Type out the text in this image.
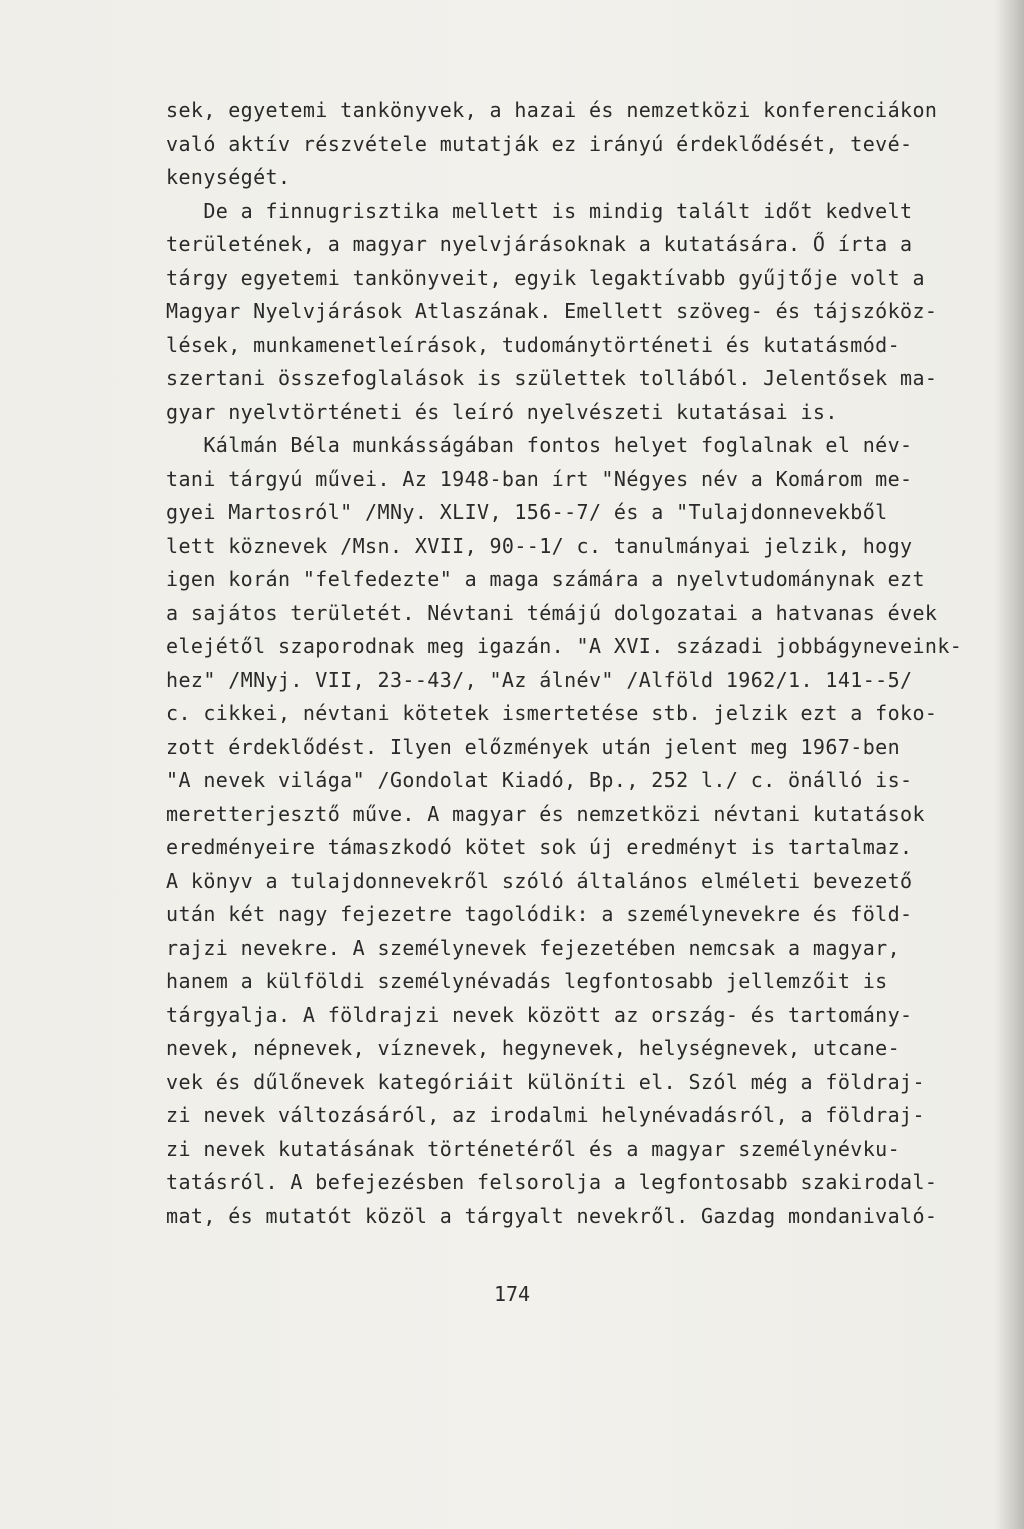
sek, egyetemi tankönyvek, a hazai és nemzetközi konferenciákon
való aktív részvétele mutatják ez irányú érdeklődését, tevé-
kenységét.
De a finnugrisztika mellett is mindig talált időt kedvelt
területének, a magyar nyelvjárásoknak a kutatására. Ő írta a
tárgy egyetemi tankönyveit, egyik legaktívabb gyűjtője volt a
Magyar Nyelvjárások Atlaszának. Emellett szöveg- és tájszóköz-
lések, munkamenetleírások, tudománytörténeti és kutatásmód-
szertani összefoglalások is születtek tollából. Jelentősek ma-
gyar nyelvtörténeti és leíró nyelvészeti kutatásai is.
Kálmán Béla munkásságában fontos helyet foglalnak el név-
tani tárgyú művei. Az 1948-ban írt "Négyes név a Komárom me-
gyei Martosról" /MNy. XLIV, 156--7/ és a "Tulajdonnevekből
lett köznevek /Msn. XVII, 90--1/ c. tanulmányai jelzik, hogy
igen korán "felfedezte" a maga számára a nyelvtudománynak ezt
a sajátos területét. Névtani témájú dolgozatai a hatvanas évek
elejétől szaporodnak meg igazán. "A XVI. századi jobbágyneveink-
hez" /MNyj. VII, 23--43/, "Az álnév" /Alföld 1962/1. 141--5/
c. cikkei, névtani kötetek ismertetése stb. jelzik ezt a foko-
zott érdeklődést. Ilyen előzmények után jelent meg 1967-ben
"A nevek világa" /Gondolat Kiadó, Bp., 252 l./ c. önálló is-
meretterjesztő műve. A magyar és nemzetközi névtani kutatások
eredményeire támaszkodó kötet sok új eredményt is tartalmaz.
A könyv a tulajdonnevekről szóló általános elméleti bevezető
után két nagy fejezetre tagolódik: a személynevekre és föld-
rajzi nevekre. A személynevek fejezetében nemcsak a magyar,
hanem a külföldi személynévadás legfontosabb jellemzőit is
tárgyalja. A földrajzi nevek között az ország- és tartomány-
nevek, népnevek, víznevek, hegynevek, helységnevek, utcane-
vek és dűlőnevek kategóriáit különíti el. Szól még a földraj-
zi nevek változásáról, az irodalmi helynévadásról, a földraj-
zi nevek kutatásának történetéről és a magyar személynévku-
tatásról. A befejezésben felsorolja a legfontosabb szakirodal-
mat, és mutatót közöl a tárgyalt nevekről. Gazdag mondanivaló-
174
